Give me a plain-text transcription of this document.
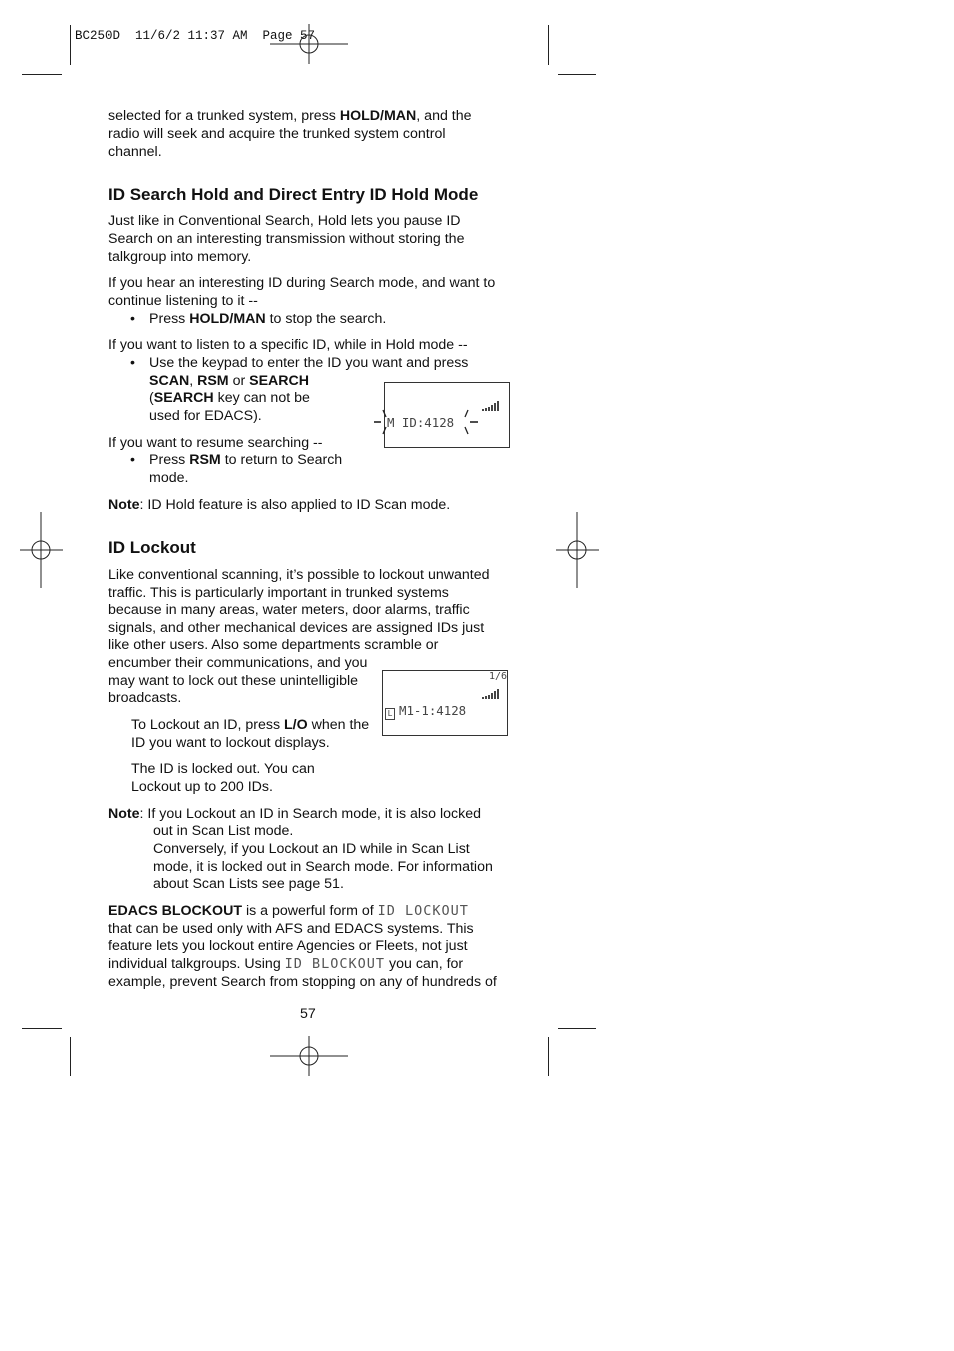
BC250D  11/6/2 11:37 AM  Page 57
selected for a trunked system, press HOLD/MAN, and the
radio will seek and acquire the trunked system control
channel.
ID Search Hold and Direct Entry ID Hold Mode
Just like in Conventional Search, Hold lets you pause ID
Search on an interesting transmission without storing the
talkgroup into memory.
If you hear an interesting ID during Search mode, and want to
continue listening to it --
• Press HOLD/MAN to stop the search.
If you want to listen to a specific ID, while in Hold mode --
• Use the keypad to enter the ID you want and press
SCAN, RSM or SEARCH
(SEARCH key can not be
used for EDACS).

	M ID:4128

If you want to resume searching --
• Press RSM to return to Search
mode.
Note: ID Hold feature is also applied to ID Scan mode.
ID Lockout
Like conventional scanning, it’s possible to lockout unwanted
traffic. This is particularly important in trunked systems
because in many areas, water meters, door alarms, traffic
signals, and other mechanical devices are assigned IDs just
like other users. Also some departments scramble or
encumber their communications, and you
may want to lock out these unintelligible
broadcasts.

L M1-1:4128

1/6
To Lockout an ID, press L/O when the
ID you want to lockout displays.
The ID is locked out. You can
Lockout up to 200 IDs.
Note: If you Lockout an ID in Search mode, it is also locked
out in Scan List mode.
Conversely, if you Lockout an ID while in Scan List
mode, it is locked out in Search mode. For information
about Scan Lists see page 51.
EDACS BLOCKOUT is a powerful form of ID LOCKOUT
that can be used only with AFS and EDACS systems. This
feature lets you lockout entire Agencies or Fleets, not just
individual talkgroups. Using ID BLOCKOUT you can, for
example, prevent Search from stopping on any of hundreds of
57
